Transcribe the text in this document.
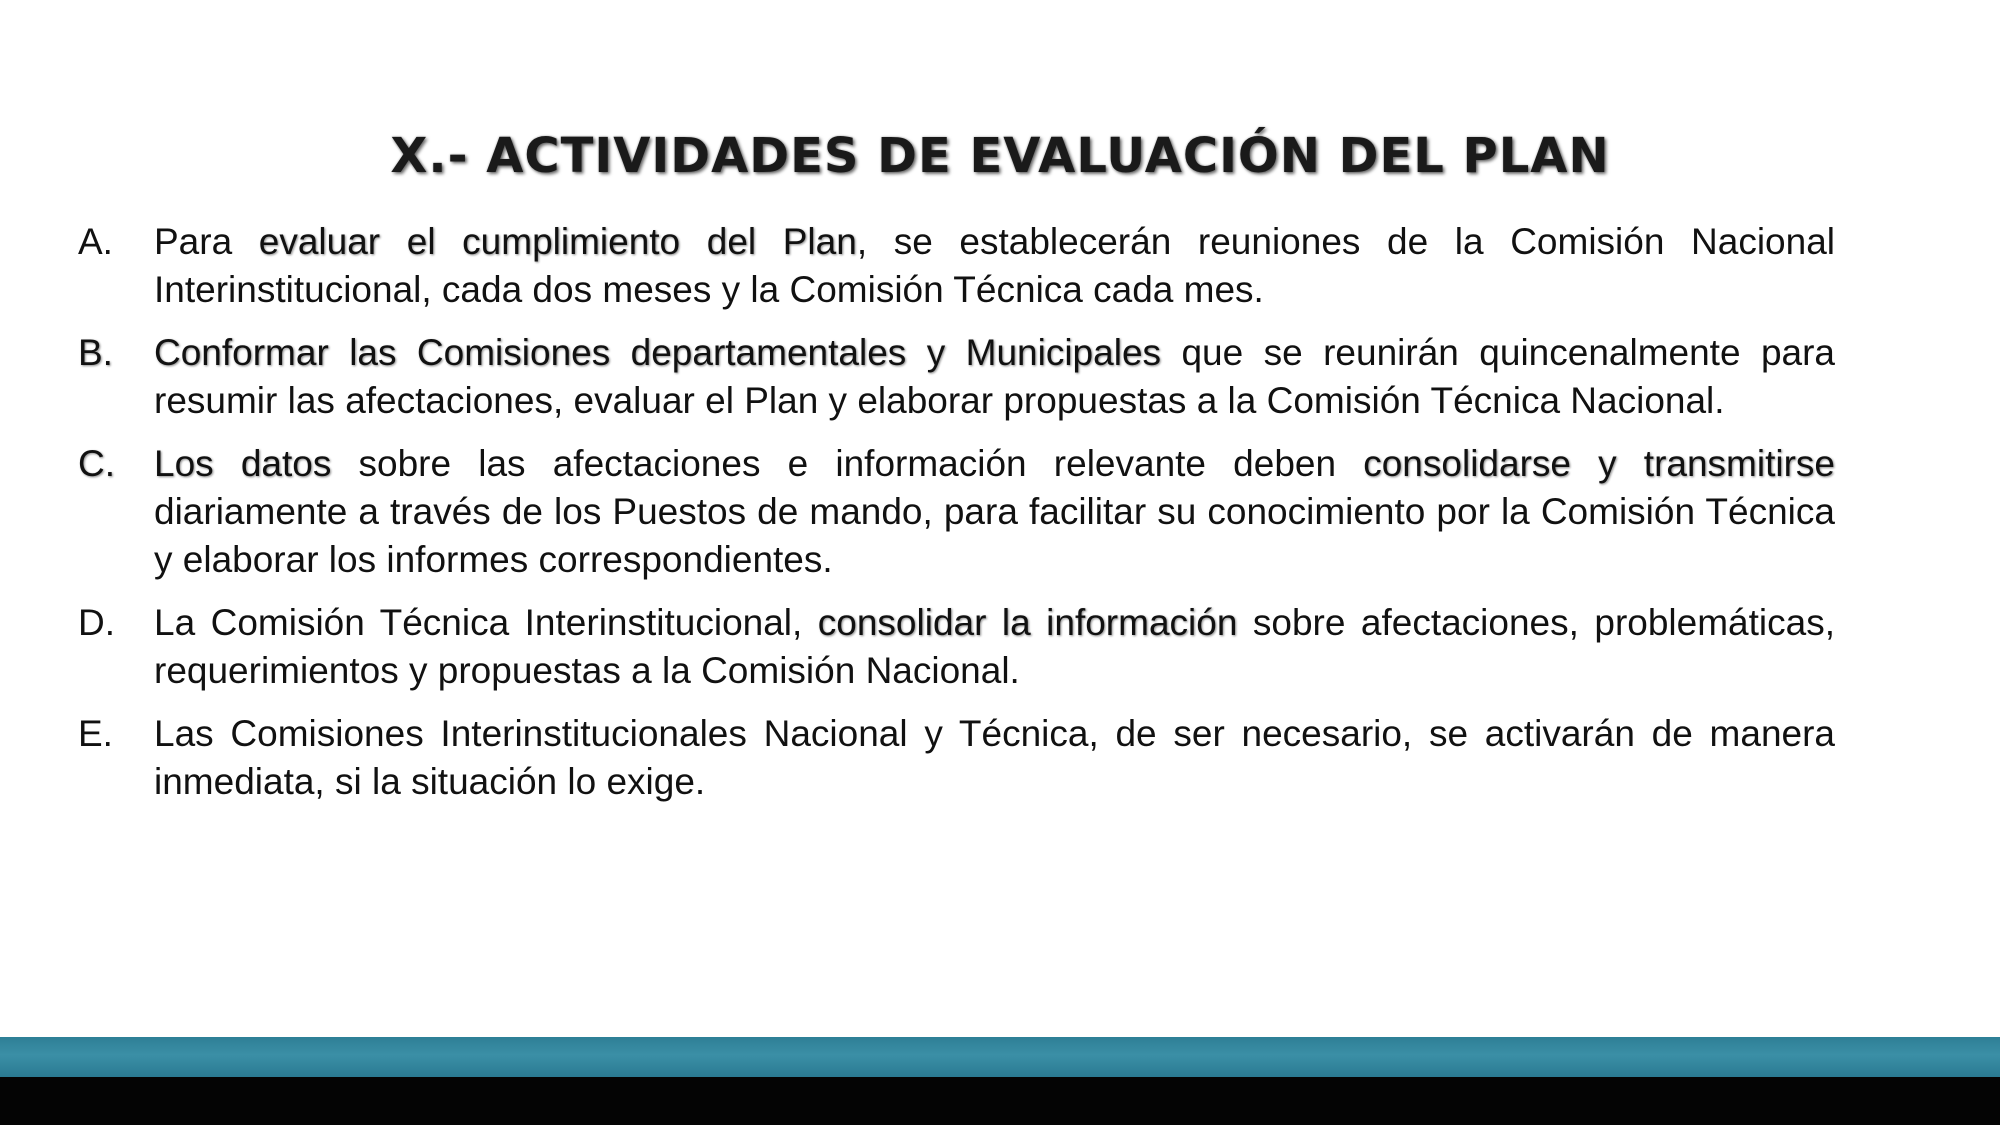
X.- ACTIVIDADES DE EVALUACIÓN DEL PLAN
A.	Para evaluar el cumplimiento del Plan, se establecerán reuniones de la Comisión Nacional Interinstitucional, cada dos meses y la Comisión Técnica cada mes.
B.	Conformar las Comisiones departamentales y Municipales que se reunirán quincenalmente para resumir las afectaciones, evaluar el Plan y elaborar propuestas a la Comisión Técnica Nacional.
C.	Los datos sobre las afectaciones e información relevante deben consolidarse y transmitirse diariamente a través de los Puestos de mando, para facilitar su conocimiento por la Comisión Técnica y elaborar los informes correspondientes.
D.	La Comisión Técnica Interinstitucional, consolidar la información sobre afectaciones, problemáticas, requerimientos y propuestas a la Comisión Nacional.
E.	Las Comisiones Interinstitucionales Nacional y Técnica, de ser necesario, se activarán de manera inmediata, si la situación lo exige.
